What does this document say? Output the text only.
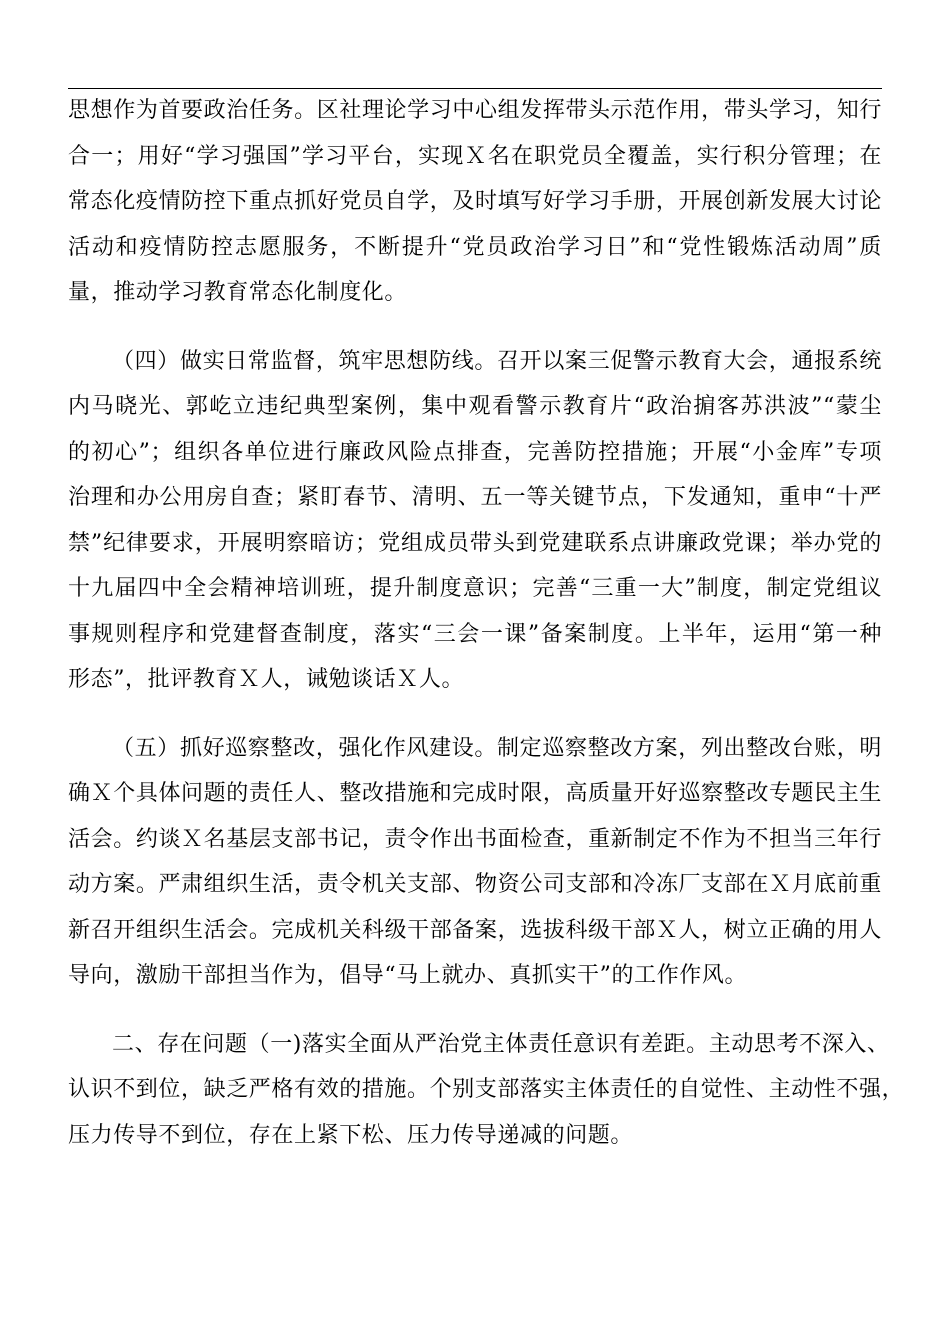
思想作为首要政治任务。区社理论学习中心组发挥带头示范作用，带头学习，知行
合一；用好“学习强国”学习平台，实现Ｘ名在职党员全覆盖，实行积分管理；在
常态化疫情防控下重点抓好党员自学，及时填写好学习手册，开展创新发展大讨论
活动和疫情防控志愿服务，不断提升“党员政治学习日”和“党性锻炼活动周”质
量，推动学习教育常态化制度化。
（四）做实日常监督，筑牢思想防线。召开以案三促警示教育大会，通报系统
内马晓光、郭屹立违纪典型案例，集中观看警示教育片“政治掮客苏洪波”“蒙尘
的初心”；组织各单位进行廉政风险点排查，完善防控措施；开展“小金库”专项
治理和办公用房自查；紧盯春节、清明、五一等关键节点，下发通知，重申“十严
禁”纪律要求，开展明察暗访；党组成员带头到党建联系点讲廉政党课；举办党的
十九届四中全会精神培训班，提升制度意识；完善“三重一大”制度，制定党组议
事规则程序和党建督查制度，落实“三会一课”备案制度。上半年，运用“第一种
形态”，批评教育Ｘ人，诫勉谈话Ｘ人。
（五）抓好巡察整改，强化作风建设。制定巡察整改方案，列出整改台账，明
确Ｘ个具体问题的责任人、整改措施和完成时限，高质量开好巡察整改专题民主生
活会。约谈Ｘ名基层支部书记，责令作出书面检查，重新制定不作为不担当三年行
动方案。严肃组织生活，责令机关支部、物资公司支部和冷冻厂支部在Ｘ月底前重
新召开组织生活会。完成机关科级干部备案，选拔科级干部Ｘ人，树立正确的用人
导向，激励干部担当作为，倡导“马上就办、真抓实干”的工作作风。
二、存在问题（一)落实全面从严治党主体责任意识有差距。主动思考不深入、
认识不到位，缺乏严格有效的措施。个别支部落实主体责任的自觉性、主动性不强，
压力传导不到位，存在上紧下松、压力传导递减的问题。
